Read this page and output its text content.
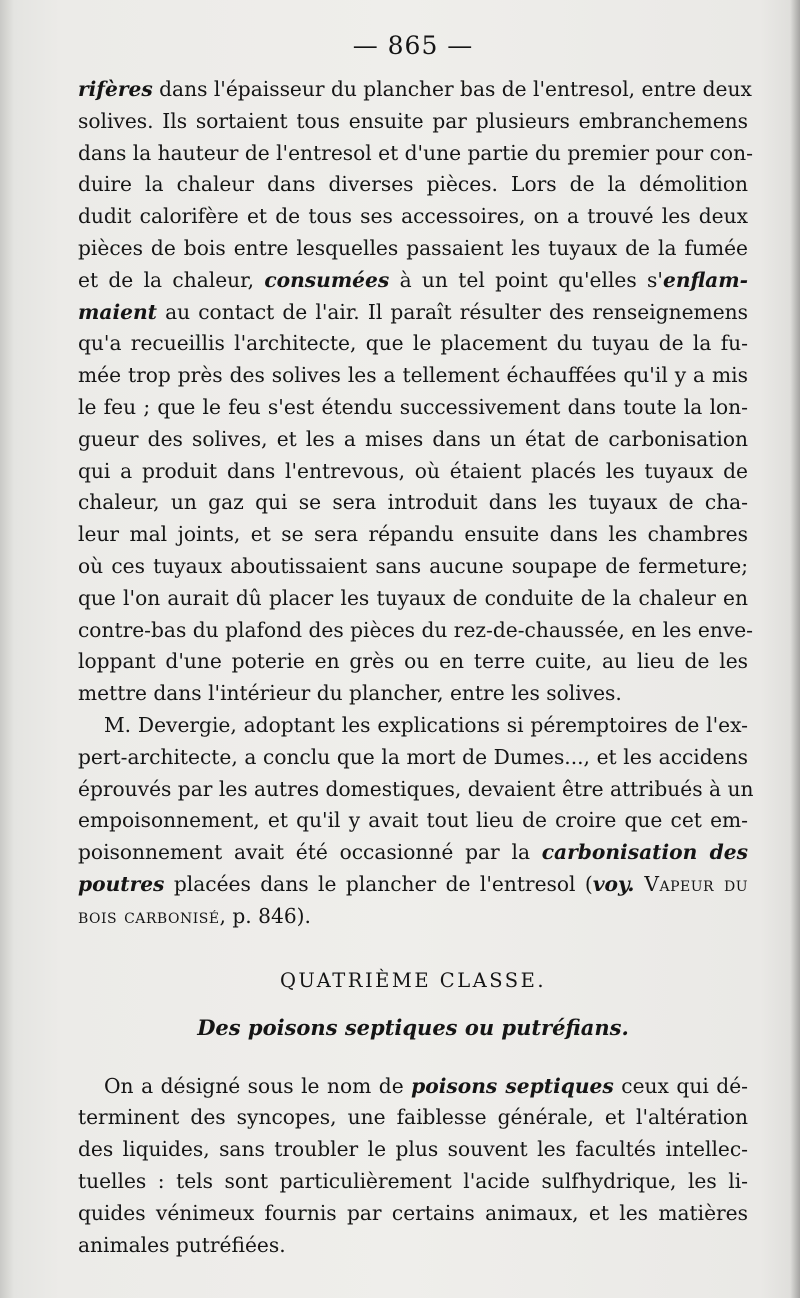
— 865 —
rifères dans l'épaisseur du plancher bas de l'entresol, entre deux
solives. Ils sortaient tous ensuite par plusieurs embranchemens
dans la hauteur de l'entresol et d'une partie du premier pour con-
duire la chaleur dans diverses pièces. Lors de la démolition
dudit calorifère et de tous ses accessoires, on a trouvé les deux
pièces de bois entre lesquelles passaient les tuyaux de la fumée
et de la chaleur, consumées à un tel point qu'elles s'enflam-
maient au contact de l'air. Il paraît résulter des renseignemens
qu'a recueillis l'architecte, que le placement du tuyau de la fu-
mée trop près des solives les a tellement échauffées qu'il y a mis
le feu ; que le feu s'est étendu successivement dans toute la lon-
gueur des solives, et les a mises dans un état de carbonisation
qui a produit dans l'entrevous, où étaient placés les tuyaux de
chaleur, un gaz qui se sera introduit dans les tuyaux de cha-
leur mal joints, et se sera répandu ensuite dans les chambres
où ces tuyaux aboutissaient sans aucune soupape de fermeture;
que l'on aurait dû placer les tuyaux de conduite de la chaleur en
contre-bas du plafond des pièces du rez-de-chaussée, en les enve-
loppant d'une poterie en grès ou en terre cuite, au lieu de les
mettre dans l'intérieur du plancher, entre les solives.
M. Devergie, adoptant les explications si péremptoires de l'ex-
pert-architecte, a conclu que la mort de Dumes..., et les accidens
éprouvés par les autres domestiques, devaient être attribués à un
empoisonnement, et qu'il y avait tout lieu de croire que cet em-
poisonnement avait été occasionné par la carbonisation des
poutres placées dans le plancher de l'entresol (voy. Vapeur du
bois carbonisé, p. 846).
QUATRIÈME CLASSE.
Des poisons septiques ou putréfians.
On a désigné sous le nom de poisons septiques ceux qui dé-
terminent des syncopes, une faiblesse générale, et l'altération
des liquides, sans troubler le plus souvent les facultés intellec-
tuelles : tels sont particulièrement l'acide sulfhydrique, les li-
quides vénimeux fournis par certains animaux, et les matières
animales putréfiées.
